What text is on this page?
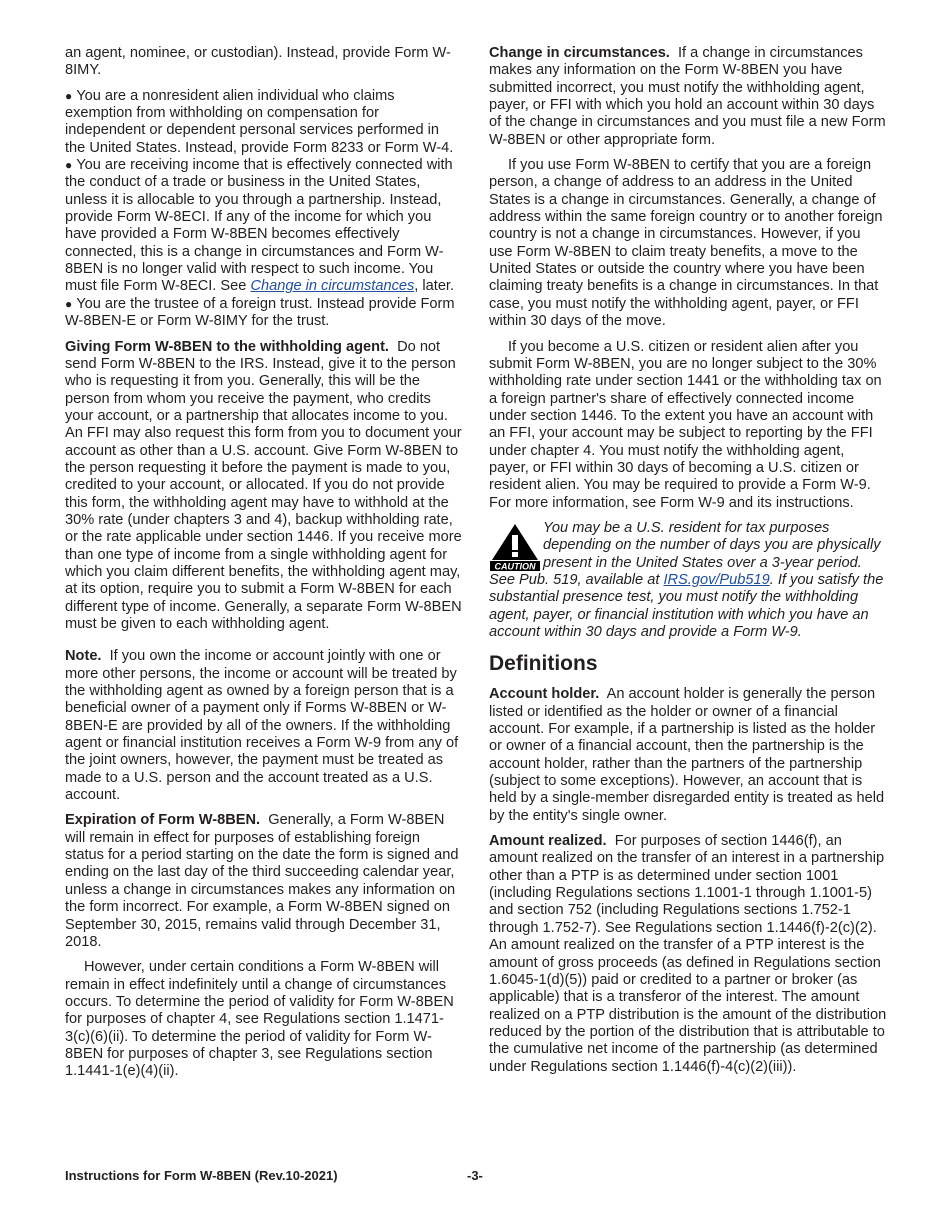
an agent, nominee, or custodian). Instead, provide Form W-8IMY.

● You are a nonresident alien individual who claims exemption from withholding on compensation for independent or dependent personal services performed in the United States. Instead, provide Form 8233 or Form W-4.
● You are receiving income that is effectively connected with the conduct of a trade or business in the United States, unless it is allocable to you through a partnership. Instead, provide Form W-8ECI. If any of the income for which you have provided a Form W-8BEN becomes effectively connected, this is a change in circumstances and Form W-8BEN is no longer valid with respect to such income. You must file Form W-8ECI. See Change in circumstances, later.

● You are the trustee of a foreign trust. Instead provide Form W-8BEN-E or Form W-8IMY for the trust.

Giving Form W-8BEN to the withholding agent. Do not send Form W-8BEN to the IRS. Instead, give it to the person who is requesting it from you. Generally, this will be the person from whom you receive the payment, who credits your account, or a partnership that allocates income to you. An FFI may also request this form from you to document your account as other than a U.S. account. Give Form W-8BEN to the person requesting it before the payment is made to you, credited to your account, or allocated. If you do not provide this form, the withholding agent may have to withhold at the 30% rate (under chapters 3 and 4), backup withholding rate, or the rate applicable under section 1446. If you receive more than one type of income from a single withholding agent for which you claim different benefits, the withholding agent may, at its option, require you to submit a Form W-8BEN for each different type of income. Generally, a separate Form W-8BEN must be given to each withholding agent.

Note. If you own the income or account jointly with one or more other persons, the income or account will be treated by the withholding agent as owned by a foreign person that is a beneficial owner of a payment only if Forms W-8BEN or W-8BEN-E are provided by all of the owners. If the withholding agent or financial institution receives a Form W-9 from any of the joint owners, however, the payment must be treated as made to a U.S. person and the account treated as a U.S. account.

Expiration of Form W-8BEN. Generally, a Form W-8BEN will remain in effect for purposes of establishing foreign status for a period starting on the date the form is signed and ending on the last day of the third succeeding calendar year, unless a change in circumstances makes any information on the form incorrect. For example, a Form W-8BEN signed on September 30, 2015, remains valid through December 31, 2018.

However, under certain conditions a Form W-8BEN will remain in effect indefinitely until a change of circumstances occurs. To determine the period of validity for Form W-8BEN for purposes of chapter 4, see Regulations section 1.1471-3(c)(6)(ii). To determine the period of validity for Form W-8BEN for purposes of chapter 3, see Regulations section 1.1441-1(e)(4)(ii).

Change in circumstances. If a change in circumstances makes any information on the Form W-8BEN you have submitted incorrect, you must notify the withholding agent, payer, or FFI with which you hold an account within 30 days of the change in circumstances and you must file a new Form W-8BEN or other appropriate form.

If you use Form W-8BEN to certify that you are a foreign person, a change of address to an address in the United States is a change in circumstances. Generally, a change of address within the same foreign country or to another foreign country is not a change in circumstances. However, if you use Form W-8BEN to claim treaty benefits, a move to the United States or outside the country where you have been claiming treaty benefits is a change in circumstances. In that case, you must notify the withholding agent, payer, or FFI within 30 days of the move.

If you become a U.S. citizen or resident alien after you submit Form W-8BEN, you are no longer subject to the 30% withholding rate under section 1441 or the withholding tax on a foreign partner's share of effectively connected income under section 1446. To the extent you have an account with an FFI, your account may be subject to reporting by the FFI under chapter 4. You must notify the withholding agent, payer, or FFI within 30 days of becoming a U.S. citizen or resident alien. You may be required to provide a Form W-9. For more information, see Form W-9 and its instructions.

CAUTION
You may be a U.S. resident for tax purposes depending on the number of days you are physically present in the United States over a 3-year period. See Pub. 519, available at IRS.gov/Pub519. If you satisfy the substantial presence test, you must notify the withholding agent, payer, or financial institution with which you have an account within 30 days and provide a Form W-9.
Definitions

Account holder. An account holder is generally the person listed or identified as the holder or owner of a financial account. For example, if a partnership is listed as the holder or owner of a financial account, then the partnership is the account holder, rather than the partners of the partnership (subject to some exceptions). However, an account that is held by a single-member disregarded entity is treated as held by the entity's single owner.

Amount realized. For purposes of section 1446(f), an amount realized on the transfer of an interest in a partnership other than a PTP is as determined under section 1001 (including Regulations sections 1.1001-1 through 1.1001-5) and section 752 (including Regulations sections 1.752-1 through 1.752-7). See Regulations section 1.1446(f)-2(c)(2). An amount realized on the transfer of a PTP interest is the amount of gross proceeds (as defined in Regulations section 1.6045-1(d)(5)) paid or credited to a partner or broker (as applicable) that is a transferor of the interest. The amount realized on a PTP distribution is the amount of the distribution reduced by the portion of the distribution that is attributable to the cumulative net income of the partnership (as determined under Regulations section 1.1446(f)-4(c)(2)(iii)).

Instructions for Form W-8BEN (Rev.10-2021)	-3-
